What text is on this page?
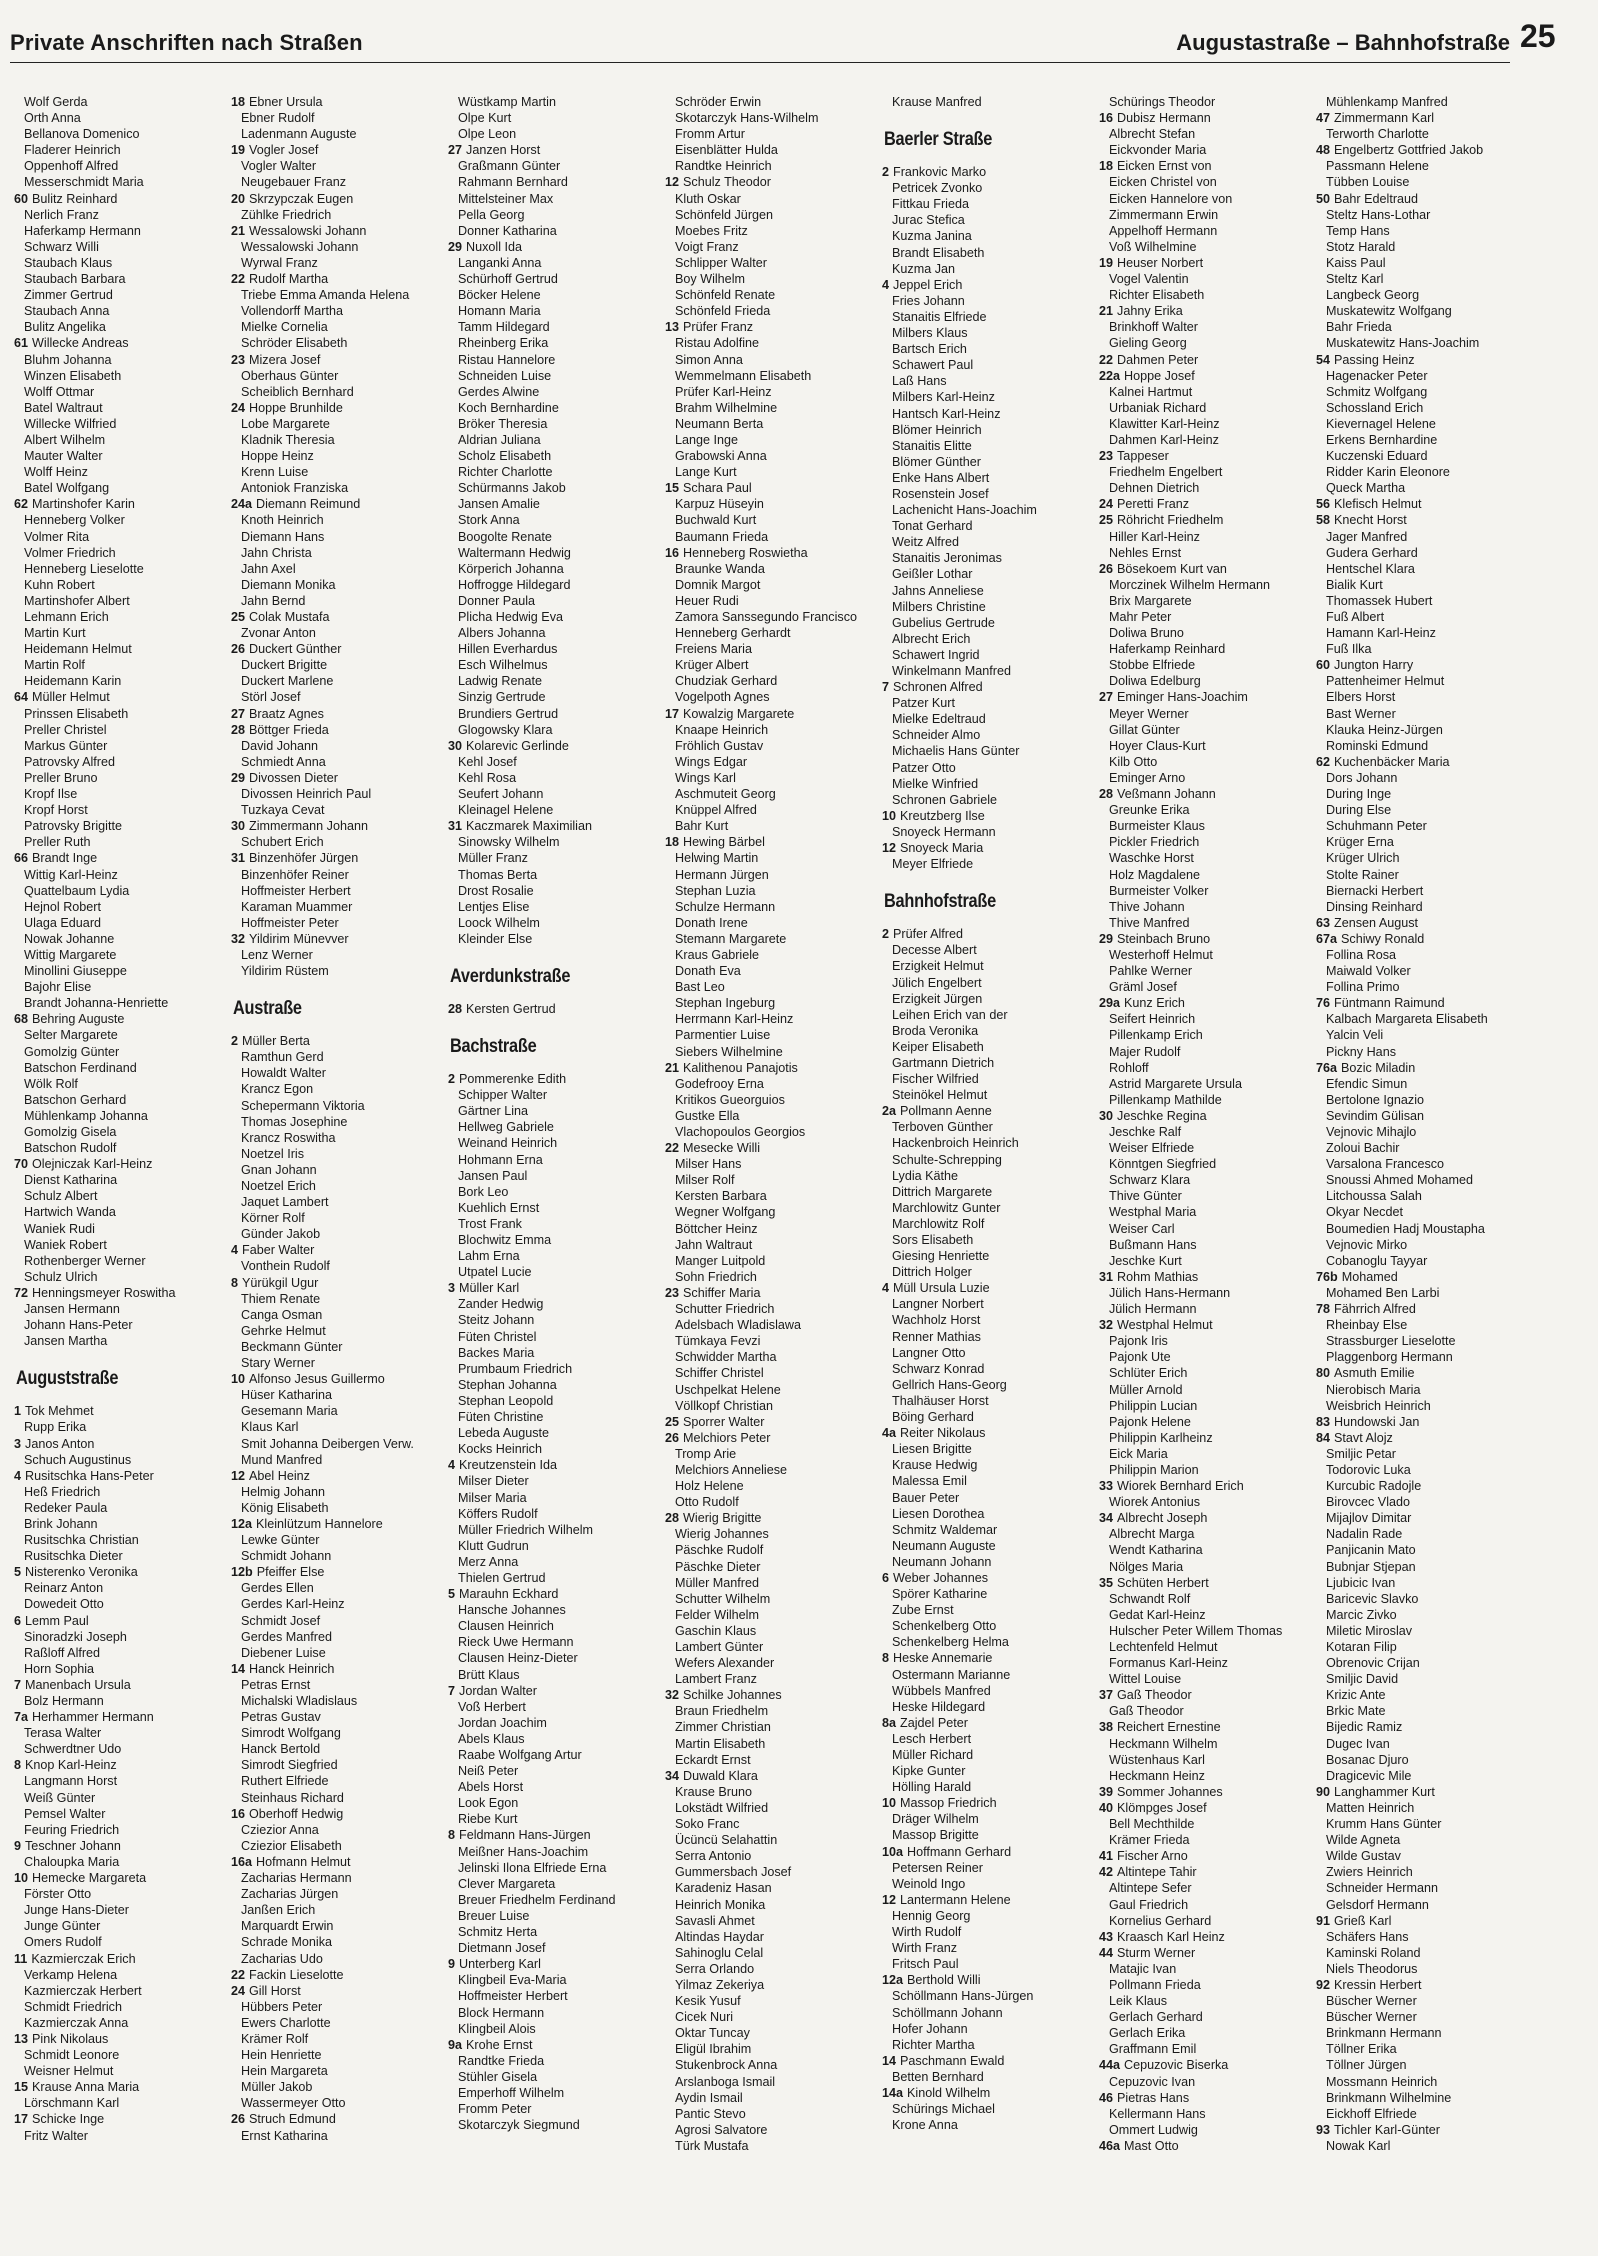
Private Anschriften nach Straßen	Augustastraße – Bahnhofstraße 25
Wolf Gerda
Orth Anna
Bellanova Domenico
Fladerer Heinrich
Oppenhoff Alfred
Messerschmidt Maria
60 Bulitz Reinhard
Nerlich Franz
Haferkamp Hermann
Schwarz Willi
Staubach Klaus
Staubach Barbara
Zimmer Gertrud
Staubach Anna
Bulitz Angelika
61 Willecke Andreas
Bluhm Johanna
Winzen Elisabeth
Wolff Ottmar
Batel Waltraut
Willecke Wilfried
Albert Wilhelm
Mauter Walter
Wolff Heinz
Batel Wolfgang
62 Martinshofer Karin
Henneberg Volker
Volmer Rita
Volmer Friedrich
Henneberg Lieselotte
Kuhn Robert
Martinshofer Albert
Lehmann Erich
Martin Kurt
Heidemann Helmut
Martin Rolf
Heidemann Karin
64 Müller Helmut
Prinssen Elisabeth
Preller Christel
Markus Günter
Patrovsky Alfred
Preller Bruno
Kropf Ilse
Kropf Horst
Patrovsky Brigitte
Preller Ruth
66 Brandt Inge
Wittig Karl-Heinz
Quattelbaum Lydia
Hejnol Robert
Ulaga Eduard
Nowak Johanne
Wittig Margarete
Minollini Giuseppe
Bajohr Elise
Brandt Johanna-Henriette
68 Behring Auguste
Selter Margarete
Gomolzig Günter
Batschon Ferdinand
Wölk Rolf
Batschon Gerhard
Mühlenkamp Johanna
Gomolzig Gisela
Batschon Rudolf
70 Olejniczak Karl-Heinz
Dienst Katharina
Schulz Albert
Hartwich Wanda
Waniek Rudi
Waniek Robert
Rothenberger Werner
Schulz Ulrich
72 Henningsmeyer Roswitha
Jansen Hermann
Johann Hans-Peter
Jansen Martha
Auguststraße
1 Tok Mehmet
Rupp Erika
3 Janos Anton
Schuch Augustinus
4 Rusitschka Hans-Peter
Heß Friedrich
Redeker Paula
Brink Johann
Rusitschka Christian
Rusitschka Dieter
5 Nisterenko Veronika
Reinarz Anton
Dowedeit Otto
6 Lemm Paul
Sinoradzki Joseph
Raßloff Alfred
Horn Sophia
7 Manenbach Ursula
Bolz Hermann
7a Herhammer Hermann
Terasa Walter
Schwerdtner Udo
8 Knop Karl-Heinz
Langmann Horst
Weiß Günter
Pemsel Walter
Feuring Friedrich
9 Teschner Johann
Chaloupka Maria
10 Hemecke Margareta
Förster Otto
Junge Hans-Dieter
Junge Günter
Omers Rudolf
11 Kazmierczak Erich
Verkamp Helena
Kazmierczak Herbert
Schmidt Friedrich
Kazmierczak Anna
13 Pink Nikolaus
Schmidt Leonore
Weisner Helmut
15 Krause Anna Maria
Lörschmann Karl
17 Schicke Inge
Fritz Walter
18 Ebner Ursula
Ebner Rudolf
Ladenmann Auguste
19 Vogler Josef
Vogler Walter
Neugebauer Franz
20 Skrzypczak Eugen
Zühlke Friedrich
21 Wessalowski Johann
Wessalowski Johann
Wyrwal Franz
22 Rudolf Martha
Triebe Emma Amanda Helena
Vollendorff Martha
Mielke Cornelia
Schröder Elisabeth
23 Mizera Josef
Oberhaus Günter
Scheiblich Bernhard
24 Hoppe Brunhilde
Lobe Margarete
Kladnik Theresia
Hoppe Heinz
Krenn Luise
Antoniok Franziska
24a Diemann Reimund
Knoth Heinrich
Diemann Hans
Jahn Christa
Jahn Axel
Diemann Monika
Jahn Bernd
25 Colak Mustafa
Zvonar Anton
26 Duckert Günther
Duckert Brigitte
Duckert Marlene
Störl Josef
27 Braatz Agnes
28 Böttger Frieda
David Johann
Schmiedt Anna
29 Divossen Dieter
Divossen Heinrich Paul
Tuzkaya Cevat
30 Zimmermann Johann
Schubert Erich
31 Binzenhöfer Jürgen
Binzenhöfer Reiner
Hoffmeister Herbert
Karaman Muammer
Hoffmeister Peter
32 Yildirim Münevver
Lenz Werner
Yildirim Rüstem
Austraße
2 Müller Berta
Ramthun Gerd
Howaldt Walter
Krancz Egon
Schepermann Viktoria
Thomas Josephine
Krancz Roswitha
Noetzel Iris
Gnan Johann
Noetzel Erich
Jaquet Lambert
Körner Rolf
Günder Jakob
4 Faber Walter
Vonthein Rudolf
8 Yürükgil Ugur
Thiem Renate
Canga Osman
Gehrke Helmut
Beckmann Günter
Stary Werner
10 Alfonso Jesus Guillermo
Hüser Katharina
Gesemann Maria
Klaus Karl
Smit Johanna Deibergen Verw.
Mund Manfred
12 Abel Heinz
Helmig Johann
König Elisabeth
12a Kleinlützum Hannelore
Lewke Günter
Schmidt Johann
12b Pfeiffer Else
Gerdes Ellen
Gerdes Karl-Heinz
Schmidt Josef
Gerdes Manfred
Diebener Luise
14 Hanck Heinrich
Petras Ernst
Michalski Wladislaus
Petras Gustav
Simrodt Wolfgang
Hanck Bertold
Simrodt Siegfried
Ruthert Elfriede
Steinhaus Richard
16 Oberhoff Hedwig
Cziezior Anna
Cziezior Elisabeth
16a Hofmann Helmut
Zacharias Hermann
Zacharias Jürgen
Janßen Erich
Marquardt Erwin
Schrade Monika
Zacharias Udo
22 Fackin Lieselotte
24 Gill Horst
Hübbers Peter
Ewers Charlotte
Krämer Rolf
Hein Henriette
Hein Margareta
Müller Jakob
Wassermeyer Otto
26 Struch Edmund
Ernst Katharina
Wüstkamp Martin
Olpe Kurt
Olpe Leon
27 Janzen Horst
Graßmann Günter
Rahmann Bernhard
Mittelsteiner Max
Pella Georg
Donner Katharina
29 Nuxoll Ida
Langanki Anna
Schürhoff Gertrud
Böcker Helene
Homann Maria
Tamm Hildegard
Rheinberg Erika
Ristau Hannelore
Schneiden Luise
Gerdes Alwine
Koch Bernhardine
Bröker Theresia
Aldrian Juliana
Scholz Elisabeth
Richter Charlotte
Schürmanns Jakob
Jansen Amalie
Stork Anna
Boogolte Renate
Waltermann Hedwig
Körperich Johanna
Hoffrogge Hildegard
Donner Paula
Plicha Hedwig Eva
Albers Johanna
Hillen Everhardus
Esch Wilhelmus
Ladwig Renate
Sinzig Gertrude
Brundiers Gertrud
Glogowsky Klara
30 Kolarevic Gerlinde
Kehl Josef
Kehl Rosa
Seufert Johann
Kleinagel Helene
31 Kaczmarek Maximilian
Sinowsky Wilhelm
Müller Franz
Thomas Berta
Drost Rosalie
Lentjes Elise
Loock Wilhelm
Kleinder Else
Averdunkstraße
28 Kersten Gertrud
Bachstraße
2 Pommerenke Edith
Schipper Walter
Gärtner Lina
Hellweg Gabriele
Weinand Heinrich
Hohmann Erna
Jansen Paul
Bork Leo
Kuehlich Ernst
Trost Frank
Blochwitz Emma
Lahm Erna
Utpatel Lucie
3 Müller Karl
Zander Hedwig
Steitz Johann
Füten Christel
Backes Maria
Prumbaum Friedrich
Stephan Johanna
Stephan Leopold
Füten Christine
Lebeda Auguste
Kocks Heinrich
4 Kreutzenstein Ida
Milser Dieter
Milser Maria
Köffers Rudolf
Müller Friedrich Wilhelm
Klutt Gudrun
Merz Anna
Thielen Gertrud
5 Marauhn Eckhard
Hansche Johannes
Clausen Heinrich
Rieck Uwe Hermann
Clausen Heinz-Dieter
Brütt Klaus
7 Jordan Walter
Voß Herbert
Jordan Joachim
Abels Klaus
Raabe Wolfgang Artur
Neiß Peter
Abels Horst
Look Egon
Riebe Kurt
8 Feldmann Hans-Jürgen
Meißner Hans-Joachim
Jelinski Ilona Elfriede Erna
Clever Margareta
Breuer Friedhelm Ferdinand
Breuer Luise
Schmitz Herta
Dietmann Josef
9 Unterberg Karl
Klingbeil Eva-Maria
Hoffmeister Herbert
Block Hermann
Klingbeil Alois
9a Krohe Ernst
Randtke Frieda
Stühler Gisela
Emperhoff Wilhelm
Fromm Peter
Skotarczyk Siegmund
Schröder Erwin
Skotarczyk Hans-Wilhelm
Fromm Artur
Eisenblätter Hulda
Randtke Heinrich
12 Schulz Theodor
Kluth Oskar
Schönfeld Jürgen
Moebes Fritz
Voigt Franz
Schlipper Walter
Boy Wilhelm
Schönfeld Renate
Schönfeld Frieda
13 Prüfer Franz
Ristau Adolfine
Simon Anna
Wemmelmann Elisabeth
Prüfer Karl-Heinz
Brahm Wilhelmine
Neumann Berta
Lange Inge
Grabowski Anna
Lange Kurt
15 Schara Paul
Karpuz Hüseyin
Buchwald Kurt
Baumann Frieda
16 Henneberg Roswietha
Braunke Wanda
Domnik Margot
Heuer Rudi
Zamora Sanssegundo Francisco
Henneberg Gerhardt
Freiens Maria
Krüger Albert
Chudziak Gerhard
Vogelpoth Agnes
17 Kowalzig Margarete
Knaape Heinrich
Fröhlich Gustav
Wings Edgar
Wings Karl
Aschmuteit Georg
Knüppel Alfred
Bahr Kurt
18 Hewing Bärbel
Helwing Martin
Hermann Jürgen
Stephan Luzia
Schulze Hermann
Donath Irene
Stemann Margarete
Kraus Gabriele
Donath Eva
Bast Leo
Stephan Ingeburg
Herrmann Karl-Heinz
Parmentier Luise
Siebers Wilhelmine
21 Kalithenou Panajotis
Godefrooy Erna
Kritikos Gueorguios
Gustke Ella
Vlachopoulos Georgios
22 Mesecke Willi
Milser Hans
Milser Rolf
Kersten Barbara
Wegner Wolfgang
Böttcher Heinz
Jahn Waltraut
Manger Luitpold
Sohn Friedrich
23 Schiffer Maria
Schutter Friedrich
Adelsbach Wladislawa
Tümkaya Fevzi
Schwidder Martha
Schiffer Christel
Uschpelkat Helene
Völlkopf Christian
25 Sporrer Walter
26 Melchiors Peter
Tromp Arie
Melchiors Anneliese
Holz Helene
Otto Rudolf
28 Wierig Brigitte
Wierig Johannes
Päschke Rudolf
Päschke Dieter
Müller Manfred
Schutter Wilhelm
Felder Wilhelm
Gaschin Klaus
Lambert Günter
Wefers Alexander
Lambert Franz
32 Schilke Johannes
Braun Friedhelm
Zimmer Christian
Martin Elisabeth
Eckardt Ernst
34 Duwald Klara
Krause Bruno
Lokstädt Wilfried
Soko Franc
Ücüncü Selahattin
Serra Antonio
Gummersbach Josef
Karadeniz Hasan
Heinrich Monika
Savasli Ahmet
Altindas Haydar
Sahinoglu Celal
Serra Orlando
Yilmaz Zekeriya
Kesik Yusuf
Cicek Nuri
Oktar Tuncay
Eligül Ibrahim
Stukenbrock Anna
Arslanboga Ismail
Aydin Ismail
Pantic Stevo
Agrosi Salvatore
Türk Mustafa
Krause Manfred
Baerler Straße
2 Frankovic Marko
Petricek Zvonko
Fittkau Frieda
Jurac Stefica
Kuzma Janina
Brandt Elisabeth
Kuzma Jan
4 Jeppel Erich
Fries Johann
Stanaitis Elfriede
Milbers Klaus
Bartsch Erich
Schawert Paul
Laß Hans
Milbers Karl-Heinz
Hantsch Karl-Heinz
Blömer Heinrich
Stanaitis Elitte
Blömer Günther
Enke Hans Albert
Rosenstein Josef
Lachenicht Hans-Joachim
Tonat Gerhard
Weitz Alfred
Stanaitis Jeronimas
Geißler Lothar
Jahns Anneliese
Milbers Christine
Gubelius Gertrude
Albrecht Erich
Schawert Ingrid
Winkelmann Manfred
7 Schronen Alfred
Patzer Kurt
Mielke Edeltraud
Schneider Almo
Michaelis Hans Günter
Patzer Otto
Mielke Winfried
Schronen Gabriele
10 Kreutzberg Ilse
Snoyeck Hermann
12 Snoyeck Maria
Meyer Elfriede
Bahnhofstraße
2 Prüfer Alfred
Decesse Albert
Erzigkeit Helmut
Jülich Engelbert
Erzigkeit Jürgen
Leihen Erich van der
Broda Veronika
Keiper Elisabeth
Gartmann Dietrich
Fischer Wilfried
Steinökel Helmut
2a Pollmann Aenne
Terboven Günther
Hackenbroich Heinrich
Schulte-Schrepping
Lydia Käthe
Dittrich Margarete
Marchlowitz Gunter
Marchlowitz Rolf
Sors Elisabeth
Giesing Henriette
Dittrich Holger
4 Müll Ursula Luzie
Langner Norbert
Wachholz Horst
Renner Mathias
Langner Otto
Schwarz Konrad
Gellrich Hans-Georg
Thalhäuser Horst
Böing Gerhard
4a Reiter Nikolaus
Liesen Brigitte
Krause Hedwig
Malessa Emil
Bauer Peter
Liesen Dorothea
Schmitz Waldemar
Neumann Auguste
Neumann Johann
6 Weber Johannes
Spörer Katharine
Zube Ernst
Schenkelberg Otto
Schenkelberg Helma
8 Heske Annemarie
Ostermann Marianne
Wübbels Manfred
Heske Hildegard
8a Zajdel Peter
Lesch Herbert
Müller Richard
Kipke Gunter
Hölling Harald
10 Massop Friedrich
Dräger Wilhelm
Massop Brigitte
10a Hoffmann Gerhard
Petersen Reiner
Weinold Ingo
12 Lantermann Helene
Hennig Georg
Wirth Rudolf
Wirth Franz
Fritsch Paul
12a Berthold Willi
Schöllmann Hans-Jürgen
Schöllmann Johann
Hofer Johann
Richter Martha
14 Paschmann Ewald
Betten Bernhard
14a Kinold Wilhelm
Schürings Michael
Krone Anna
Schürings Theodor
16 Dubisz Hermann
Albrecht Stefan
Eickvonder Maria
18 Eicken Ernst von
Eicken Christel von
Eicken Hannelore von
Zimmermann Erwin
Appelhoff Hermann
Voß Wilhelmine
19 Heuser Norbert
Vogel Valentin
Richter Elisabeth
21 Jahny Erika
Brinkhoff Walter
Gieling Georg
22 Dahmen Peter
22a Hoppe Josef
Kalnei Hartmut
Urbaniak Richard
Klawitter Karl-Heinz
Dahmen Karl-Heinz
23 Tappeser
Friedhelm Engelbert
Dehnen Dietrich
24 Peretti Franz
25 Röhricht Friedhelm
Hiller Karl-Heinz
Nehles Ernst
26 Bösekoem Kurt van
Morczinek Wilhelm Hermann
Brix Margarete
Mahr Peter
Doliwa Bruno
Haferkamp Reinhard
Stobbe Elfriede
Doliwa Edelburg
27 Eminger Hans-Joachim
Meyer Werner
Gillat Günter
Hoyer Claus-Kurt
Kilb Otto
Eminger Arno
28 Veßmann Johann
Greunke Erika
Burmeister Klaus
Pickler Friedrich
Waschke Horst
Holz Magdalene
Burmeister Volker
Thive Johann
Thive Manfred
29 Steinbach Bruno
Westerhoff Helmut
Pahlke Werner
Gräml Josef
29a Kunz Erich
Seifert Heinrich
Pillenkamp Erich
Majer Rudolf
Rohloff
Astrid Margarete Ursula
Pillenkamp Mathilde
30 Jeschke Regina
Jeschke Ralf
Weiser Elfriede
Könntgen Siegfried
Schwarz Klara
Thive Günter
Westphal Maria
Weiser Carl
Bußmann Hans
Jeschke Kurt
31 Rohm Mathias
Jülich Hans-Hermann
Jülich Hermann
32 Westphal Helmut
Pajonk Iris
Pajonk Ute
Schlüter Erich
Müller Arnold
Philippin Lucian
Pajonk Helene
Philippin Karlheinz
Eick Maria
Philippin Marion
33 Wiorek Bernhard Erich
Wiorek Antonius
34 Albrecht Joseph
Albrecht Marga
Wendt Katharina
Nölges Maria
35 Schüten Herbert
Schwandt Rolf
Gedat Karl-Heinz
Hulscher Peter Willem Thomas
Lechtenfeld Helmut
Formanus Karl-Heinz
Wittel Louise
37 Gaß Theodor
Gaß Theodor
38 Reichert Ernestine
Heckmann Wilhelm
Wüstenhaus Karl
Heckmann Heinz
39 Sommer Johannes
40 Klömpges Josef
Bell Mechthilde
Krämer Frieda
41 Fischer Arno
42 Altintepe Tahir
Altintepe Sefer
Gaul Friedrich
Kornelius Gerhard
43 Kraasch Karl Heinz
44 Sturm Werner
Matajic Ivan
Pollmann Frieda
Leik Klaus
Gerlach Gerhard
Gerlach Erika
Graffmann Emil
44a Cepuzovic Biserka
Cepuzovic Ivan
46 Pietras Hans
Kellermann Hans
Ommert Ludwig
46a Mast Otto
Mühlenkamp Manfred
47 Zimmermann Karl
Terworth Charlotte
48 Engelbertz Gottfried Jakob
Passmann Helene
Tübben Louise
50 Bahr Edeltraud
Steltz Hans-Lothar
Temp Hans
Stotz Harald
Kaiss Paul
Steltz Karl
Langbeck Georg
Muskatewitz Wolfgang
Bahr Frieda
Muskatewitz Hans-Joachim
54 Passing Heinz
Hagenacker Peter
Schmitz Wolfgang
Schossland Erich
Kievernagel Helene
Erkens Bernhardine
Kuczenski Eduard
Ridder Karin Eleonore
Queck Martha
56 Klefisch Helmut
58 Knecht Horst
Jager Manfred
Gudera Gerhard
Hentschel Klara
Bialik Kurt
Thomassek Hubert
Fuß Albert
Hamann Karl-Heinz
Fuß Ilka
60 Jungton Harry
Pattenheimer Helmut
Elbers Horst
Bast Werner
Klauka Heinz-Jürgen
Rominski Edmund
62 Kuchenbäcker Maria
Dors Johann
During Inge
During Else
Schuhmann Peter
Krüger Erna
Krüger Ulrich
Stolte Rainer
Biernacki Herbert
Dinsing Reinhard
63 Zensen August
67a Schiwy Ronald
Follina Rosa
Maiwald Volker
Follina Primo
76 Füntmann Raimund
Kalbach Margareta Elisabeth
Yalcin Veli
Pickny Hans
76a Bozic Miladin
Efendic Simun
Bertolone Ignazio
Sevindim Gülisan
Vejnovic Mihajlo
Zoloui Bachir
Varsalona Francesco
Snoussi Ahmed Mohamed
Litchoussa Salah
Okyar Necdet
Boumedien Hadj Moustapha
Vejnovic Mirko
Cobanoglu Tayyar
76b Mohamed
Mohamed Ben Larbi
78 Fährrich Alfred
Rheinbay Else
Strassburger Lieselotte
Plaggenborg Hermann
80 Asmuth Emilie
Nierobisch Maria
Weisbrich Heinrich
83 Hundowski Jan
84 Stavt Alojz
Smiljic Petar
Todorovic Luka
Kurcubic Radojle
Birovcec Vlado
Mijajlov Dimitar
Nadalin Rade
Panjicanin Mato
Bubnjar Stjepan
Ljubicic Ivan
Baricevic Slavko
Marcic Zivko
Miletic Miroslav
Kotaran Filip
Obrenovic Crijan
Smiljic David
Krizic Ante
Brkic Mate
Bijedic Ramiz
Dugec Ivan
Bosanac Djuro
Dragicevic Mile
90 Langhammer Kurt
Matten Heinrich
Krumm Hans Günter
Wilde Agneta
Wilde Gustav
Zwiers Heinrich
Schneider Hermann
Gelsdorf Hermann
91 Grieß Karl
Schäfers Hans
Kaminski Roland
Niels Theodorus
92 Kressin Herbert
Büscher Werner
Büscher Werner
Brinkmann Hermann
Töllner Erika
Töllner Jürgen
Mossmann Heinrich
Brinkmann Wilhelmine
Eickhoff Elfriede
93 Tichler Karl-Günter
Nowak Karl
